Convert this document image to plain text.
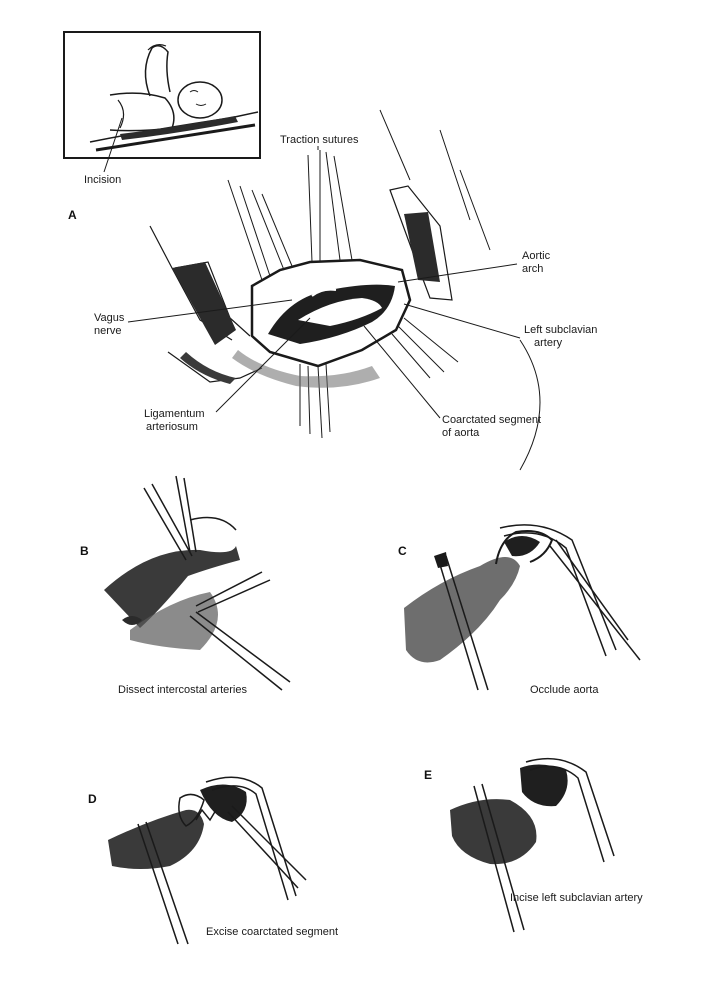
Incision
Traction sutures
A
Aortic
arch
Vagus
nerve	Left subclavian
artery
Ligamentum
arteriosum
Coarctated segment
of aorta
B
Dissect intercostal arteries
C
Occlude aorta
D
Excise coarctated segment
E
Incise left subclavian artery
